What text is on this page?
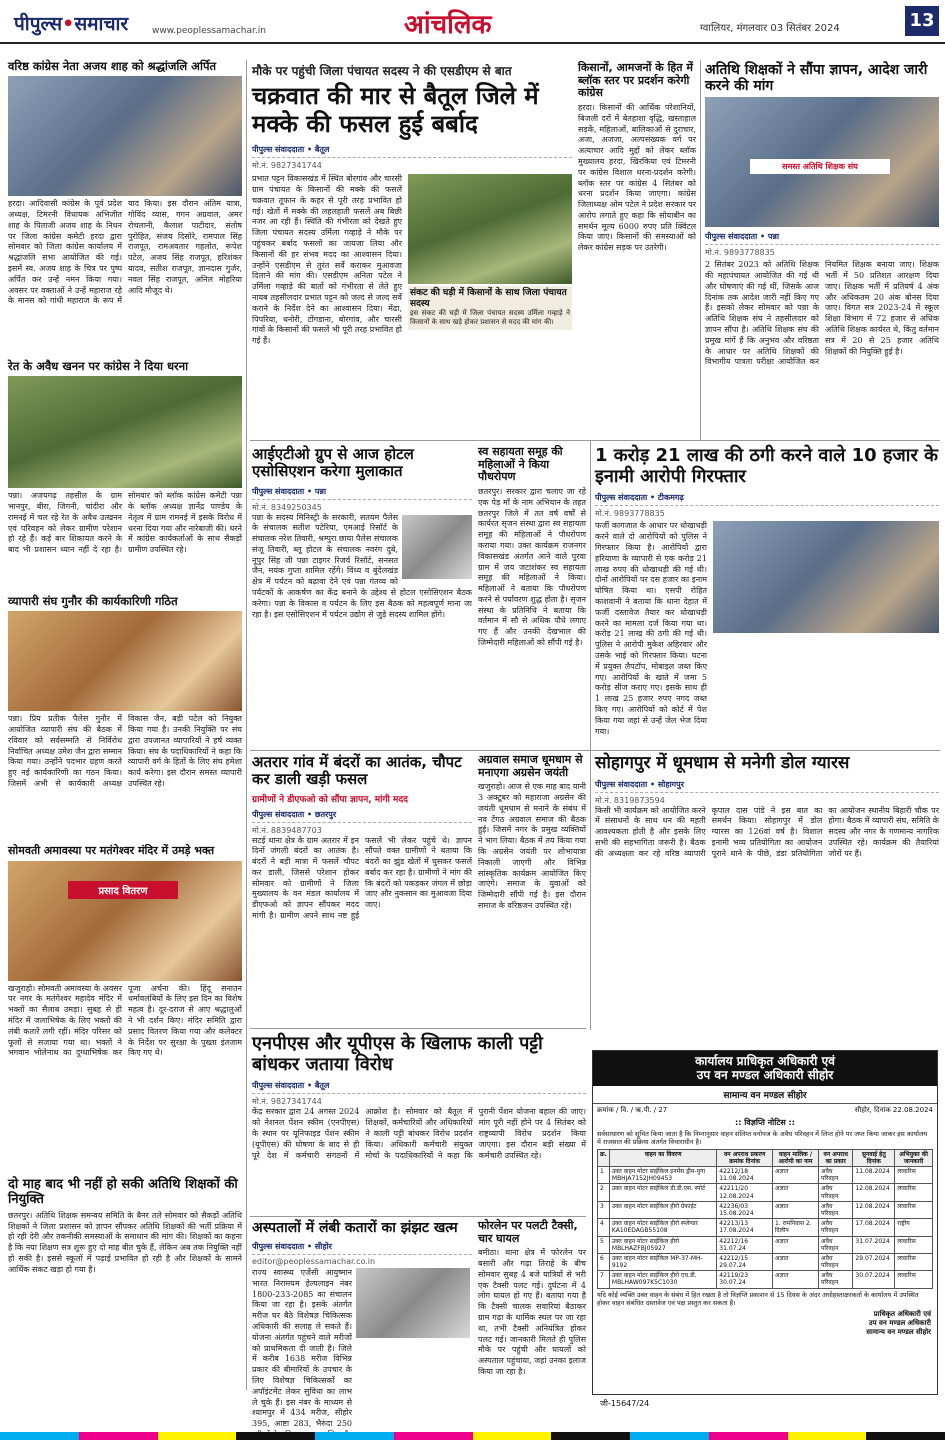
पीपुल्स•समाचार	www.peoplessamachar.in	आंचलिक	ग्वालियर, मंगलवार 03 सितंबर 2024	13
वरिष्ठ कांग्रेस नेता अजय शाह को श्रद्धांजलि अर्पित
हरदा। आदिवासी कांग्रेस के पूर्व प्रदेश अध्यक्ष, टिमरनी विधायक अभिजीत शाह के पिताजी अजय शाह के निधन पर जिला कांग्रेस कमेटी हरदा द्वारा सोमवार को जिला कांग्रेस कार्यालय में श्रद्धांजलि सभा आयोजित की गई। इसमें स्व. अजय शाह के चित्र पर पुष्प अर्पित कर उन्हें नमन किया गया। अवसर पर वक्ताओं ने उन्हें महाराज रहे के मानस को गांधी महाराज के रूप में याद किया। इस दौरान अंतिम यात्रा, गोविंद व्यास, गगन अग्रवाल, अमर रोचलानी, कैलाश पाटीदार, संतोष पुरोहित, संजय दिसोरे, रामपाल सिंह राजपूत, रामअवतार गहलोत, रूपेश पटेल, अजय सिंह राजपूत, हरिशंकर यादव, सतीश राजपूत, ज्ञानदास गुर्जर, नवल सिंह राजपूत, अनिल मोहरिया आदि मौजूद थे।
रेत के अवैध खनन पर कांग्रेस ने दिया धरना
पन्ना। अजयगढ़ तहसील के ग्राम भानपुर, बीरा, जिगनी, चांदीरा और रामनई में चल रहे रेत के अवैध उत्खनन एवं परिवहन को लेकर ग्रामीण परेशान हो रहे हैं। कई बार शिकायत करने के बाद भी प्रशासन ध्यान नहीं दे रहा है। सोमवार को ब्लॉक कांग्रेस कमेटी पन्ना के ब्लॉक अध्यक्ष ज्ञानेंद्र पाण्डेय के नेतृत्व में ग्राम रामनई में इसके विरोध में धरना दिया गया और नारेबाजी की। धरने में कांग्रेस कार्यकर्ताओं के साथ सैकड़ों ग्रामीण उपस्थित रहे।
व्यापारी संघ गुनौर की कार्यकारिणी गठित
पन्ना। प्रिय प्रतीक पैलेस गुनौर में आयोजित व्यापारी संघ की बैठक में रविवार को सर्वसम्मति से निर्विरोध निर्वाचित अध्यक्ष उमेश जैन द्वारा सम्मान किया गया। उन्होंने पदभार ग्रहण करते हुए नई कार्यकारिणी का गठन किया। जिसमें अभी से कार्यकारी अध्यक्ष विकास जैन, बड़ी पटेल को नियुक्त किया गया है। उनकी नियुक्ति पर संघ द्वारा उपजानत व्यापारियों ने हर्ष व्यक्त किया। संघ के पदाधिकारियों ने कहा कि व्यापारी वर्ग के हितों के लिए संघ हमेशा कार्य करेगा। इस दौरान समस्त व्यापारी उपस्थित रहे।
सोमवती अमावस्या पर मतंगेश्वर मंदिर में उमड़े भक्त
प्रसाद वितरण
खजुराहो। सोमवती अमावस्या के अवसर पर नगर के मतंगेश्वर महादेव मंदिर में भक्तों का सैलाब उमड़ा। सुबह से ही मंदिर में जलाभिषेक के लिए भक्तों की लंबी कतारें लगी रहीं। मंदिर परिसर को फूलों से सजाया गया था। भक्तों ने भगवान भोलेनाथ का दुग्धाभिषेक कर पूजा अर्चना की। हिंदू सनातन धर्मावलंबियों के लिए इस दिन का विशेष महत्व है। दूर-दराज से आए श्रद्धालुओं ने भी दर्शन किए। मंदिर समिति द्वारा प्रसाद वितरण किया गया और कलेक्टर के निर्देश पर सुरक्षा के पुख्ता इंतजाम किए गए थे।
दो माह बाद भी नहीं हो सकी अतिथि शिक्षकों की नियुक्ति
छतरपुर। अतिथि शिक्षक समन्वय समिति के बैनर तले सोमवार को सैकड़ों अतिथि शिक्षकों ने जिला प्रशासन को ज्ञापन सौंपकर अतिथि शिक्षकों की भर्ती प्रक्रिया में हो रही देरी और तकनीकी समस्याओं के समाधान की मांग की। शिक्षकों का कहना है कि नया शिक्षण सत्र शुरू हुए दो माह बीत चुके हैं, लेकिन अब तक नियुक्ति नहीं हो सकी है। इससे स्कूलों में पढ़ाई प्रभावित हो रही है और शिक्षकों के सामने आर्थिक संकट खड़ा हो गया है।
मौके पर पहुंची जिला पंचायत सदस्य ने की एसडीएम से बात
चक्रवात की मार से बैतूल जिले में मक्के की फसल हुई बर्बाद
पीपुल्स संवाददाता • बैतूल
मो.नं. 9827341744
प्रभात पट्टन विकासखंड में स्थित बोरगांव और चारसी ग्राम पंचायत के किसानों की मक्के की फसलें चक्रवात तूफान के कहर से पूरी तरह प्रभावित हो गई। खेतों में मक्के की लहलहाती फसलें अब बिछी नजर आ रही हैं। स्थिति की गंभीरता को देखते हुए जिला पंचायत सदस्य उर्मिला गव्हाड़े ने मौके पर पहुंचकर बर्बाद फसलों का जायजा लिया और किसानों की हर संभव मदद का आश्वासन दिया। उन्होंने एसडीएम से तुरंत सर्वे कराकर मुआवजा दिलाने की मांग की। एसडीएम अनिता पटेल ने उर्मिला गव्हाड़े की बातों को गंभीरता से लेते हुए नायब तहसीलदार प्रभात पट्टन को जल्द से जल्द सर्वे कराने के निर्देश देने का आश्वासन दिया। मेंढा, पिपरिया, धनोरी, टोंगडाना, बोरगांव, और चारसी गांवों के किसानों की फसलें भी पूरी तरह प्रभावित हो गई हैं।
संकट की घड़ी में किसानों के साथ जिला पंचायत सदस्य
इस संकट की घड़ी में जिला पंचायत सदस्य उर्मिला गव्हाड़े ने किसानों के साथ खड़े होकर प्रशासन से मदद की मांग की।
किसानों, आमजनों के हित में ब्लॉक स्तर पर प्रदर्शन करेगी कांग्रेस
हरदा। किसानों की आर्थिक परेशानियों, बिजली दरों में बेतहाशा वृद्धि, खस्ताहाल सड़कें, महिलाओं, बालिकाओं से दुराचार, अजा, अजजा, अल्पसंख्यक वर्ग पर अत्याचार आदि मुद्दों को लेकर ब्लॉक मुख्यालय हरदा, खिरकिया एवं टिमरनी पर कांग्रेस विशाल धरना-प्रदर्शन करेगी। ब्लॉक स्तर पर कांग्रेस 4 सितंबर को धरना प्रदर्शन किया जाएगा। कांग्रेस जिलाध्यक्ष ओम पटेल ने प्रदेश सरकार पर आरोप लगाते हुए कहा कि सोयाबीन का समर्थन मूल्य 6000 रुपए प्रति क्विंटल किया जाए। किसानों की समस्याओं को लेकर कांग्रेस सड़क पर उतरेगी।
अतिथि शिक्षकों ने सौंपा ज्ञापन, आदेश जारी करने की मांग
समस्त अतिथि शिक्षक संघ
पीपुल्स संवाददाता • पन्ना
मो.नं. 9893778835
2 सितंबर 2023 को अतिथि शिक्षक की महापंचायत आयोजित की गई थी और घोषणाएं की गई थीं, जिसके आज दिनांक तक आदेश जारी नहीं किए गए हैं। इसको लेकर सोमवार को पन्ना के अतिथि शिक्षक संघ ने तहसीलदार को ज्ञापन सौंपा है। अतिथि शिक्षक संघ की प्रमुख मांगें हैं कि अनुभव और वरिष्ठता के आधार पर अतिथि शिक्षकों की विभागीय पात्रता परीक्षा आयोजित कर नियमित शिक्षक बनाया जाए। शिक्षक भर्ती में 50 प्रतिशत आरक्षण दिया जाए। शिक्षक भर्ती में प्रतियर्ष 4 अंक और अधिकतम 20 अंक बोनस दिया जाए। विगत सत्र 2023-24 में स्कूल शिक्षा विभाग में 72 हजार से अधिक अतिथि शिक्षक कार्यरत थे, किंतु वर्तमान सत्र में 20 से 25 हजार अतिथि शिक्षकों की नियुक्ति हुई है।
आईएटीओ ग्रुप से आज होटल एसोसिएशन करेगा मुलाकात
पीपुल्स संवाददाता • पन्ना
मो.नं. 8349250345
पन्ना के सदस्य मिनिस्ट्री के सरकारी, सतयम पैलेस के संचालक सतीश पटेरिया, एमआई रिसॉर्ट के संचालक नरेश तिवारी, श्रम्पुरा छाया पैलेस संचालक संजू तिवारी, ब्लू होटल के संचालक नवरंग दुबे, नूपुर सिंह जी पन्ना टाइगर रिजर्व रिसॉर्ट, सनसत जैन, मयंक गुप्ता शामिल रहेंगे। विंध्य व बुंदेलखंड क्षेत्र में पर्यटन को बढ़ावा देने एवं पन्ना गंतव्य को पर्यटकों के आकर्षण का केंद्र बनाने के उद्देश्य से होटल एसोसिएशन बैठक करेगा। पन्ना के विकास व पर्यटन के लिए इस बैठक को महत्वपूर्ण माना जा रहा है। इस एसोसिएशन में पर्यटन उद्योग से जुड़े सदस्य शामिल होंगे।
स्व सहायता समूह की महिलाओं ने किया पौधरोपण
छतरपुर। सरकार द्वारा चलाए जा रहे एक पेड़ माँ के नाम अभियान के तहत छतरपुर जिले में तत वर्ष वर्षों से कार्यरत सृजन संस्था द्वारा स्व सहायता समूह की महिलाओं ने पौधरोपण कराया गया। उक्त कार्यक्रम राजनगर विकासखंड अंतर्गत आने वाले पुरवा ग्राम में जय जटाशंकर स्व सहायता समूह की महिलाओं ने किया। महिलाओं ने बताया कि पौधरोपण करने से पर्यावरण शुद्ध होता है। सृजन संस्था के प्रतिनिधि ने बताया कि वर्तमान में सौ से अधिक पौधे लगाए गए हैं और उनकी देखभाल की जिम्मेदारी महिलाओं को सौंपी गई है।
1 करोड़ 21 लाख की ठगी करने वाले 10 हजार के इनामी आरोपी गिरफ्तार
पीपुल्स संवाददाता • टीकमगढ़
मो.नं. 9893778835
फर्जी कागजात के आधार पर धोखाधड़ी करने वाले दो आरोपियों को पुलिस ने गिरफ्तार किया है। आरोपियों द्वारा हरियाणा के व्यापारी से एक करोड़ 21 लाख रुपए की धोखाधड़ी की गई थी। दोनों आरोपियों पर दस हजार का इनाम घोषित किया था। एसपी रोहित काशवानी ने बताया कि थाना देहात में फर्जी दस्तावेज तैयार कर धोखाधड़ी करने का मामला दर्ज किया गया था। करोड़ 21 लाख की ठगी की गई थी। पुलिस ने आरोपी मुकेश अहिरवार और उसके भाई को गिरफ्तार किया। घटना में प्रयुक्त लैपटॉप, मोबाइल जब्त किए गए। आरोपियों के खाते में जमा 5 करोड़ सीज कराए गए। इसके साथ ही 1 लाख 25 हजार रुपए नगद जब्त किए गए। आरोपियों को कोर्ट में पेश किया गया जहां से उन्हें जेल भेज दिया गया।
अतरार गांव में बंदरों का आतंक, चौपट कर डाली खड़ी फसल
ग्रामीणों ने डीएफओ को सौंपा ज्ञापन, मांगी मदद
पीपुल्स संवाददाता • छतरपुर
मो.नं. 8839487703
सटई थाना क्षेत्र के ग्राम अतरार में इन दिनों जंगली बंदरों का आतंक है। बंदरों ने बड़ी मात्रा में फसलें चौपट कर डाली, जिससे परेशान होकर सोमवार को ग्रामीणों ने जिला मुख्यालय के वन मंडल कार्यालय में डीएफओ को ज्ञापन सौंपकर मदद मांगी है। ग्रामीण अपने साथ नष्ट हुई फसलें भी लेकर पहुंचे थे। ज्ञापन सौंपते वक्त ग्रामीणों ने बताया कि बंदरों का झुंड खेतों में घुसकर फसलें बर्बाद कर रहा है। ग्रामीणों ने मांग की कि बंदरों को पकड़कर जंगल में छोड़ा जाए और नुकसान का मुआवजा दिया जाए।
अग्रवाल समाज धूमधाम से मनाएगा अग्रसेन जयंती
खजुराहो। आज से एक माह बाद यानी 3 अक्टूबर को महाराजा अग्रसेन की जयंती धूमधाम से मनाने के संबंध में नव टेंगठ अग्रवाल समाज की बैठक हुई। जिसमें नगर के प्रमुख व्यक्तियों ने भाग लिया। बैठक में तय किया गया कि अग्रसेन जयंती पर शोभायात्रा निकाली जाएगी और विभिन्न सांस्कृतिक कार्यक्रम आयोजित किए जाएंगे। समाज के युवाओं को जिम्मेदारी सौंपी गई है। इस दौरान समाज के वरिष्ठजन उपस्थित रहे।
सोहागपुर में धूमधाम से मनेगी डोल ग्यारस
पीपुल्स संवाददाता • सोहागपुर
मो.नं. 8319873594
किसी भी कार्यक्रम को आयोजित करने में संसाधनों के साथ धन की महती आवश्यकता होती है और इसके लिए सभी की सहभागिता जरूरी है। बैठक की अध्यक्षता कर रहे वरिष्ठ व्यापारी कृपाल दास पांडे ने इस बात का समर्थन किया। सोहागपुर में डोल ग्यारस का 126वां वर्ष है। विशाल इनामी भव्य प्रतियोगिता का आयोजन पूराने थाने के पीछे, डंडा प्रतियोगिता का आयोजन स्थानीय बिहारी चौक पर होगा। बैठक में व्यापारी संघ, समिति के सदस्य और नगर के गणमान्य नागरिक उपस्थित रहे। कार्यक्रम की तैयारियां जोरों पर हैं।
एनपीएस और यूपीएस के खिलाफ काली पट्टी बांधकर जताया विरोध
पीपुल्स संवाददाता • बैतूल
मो.नं. 9827341744
केंद्र सरकार द्वारा 24 अगस्त 2024 को नेशनल पेंशन स्कीम (एनपीएस) के स्थान पर यूनिफाइड पेंशन स्कीम (यूपीएस) की घोषणा के बाद से ही पूरे देश में कर्मचारी संगठनों में आक्रोश है। सोमवार को बैतूल में शिक्षकों, कर्मचारियों और अधिकारियों ने काली पट्टी बांधकर विरोध प्रदर्शन किया। अधिकारी कर्मचारी संयुक्त मोर्चा के पदाधिकारियों ने कहा कि पुरानी पेंशन योजना बहाल की जाए। मांग पूरी नहीं होने पर 4 सितंबर को राष्ट्रव्यापी विरोध प्रदर्शन किया जाएगा। इस दौरान बड़ी संख्या में कर्मचारी उपस्थित रहे।
अस्पतालों में लंबी कतारों का झंझट खत्म
पीपुल्स संवाददाता • सीहोर
editor@peoplessamachar.co.in
राज्य स्वास्थ्य एजेंसी आयुष्मान भारत निरामयम हेल्पलाइन नंबर 1800-233-2085 का संचालन किया जा रहा है। इसके अंतर्गत मरीज घर बैठे विशेषज्ञ चिकित्सक अधिकारी की सलाह ले सकते हैं। योजना अंतर्गत पहुंचने वाले मरीजों को प्राथमिकता दी जाती है। जिले में करीब 1638 मरीज विभिन्न प्रकार की बीमारियों के उपचार के लिए विशेषज्ञ चिकित्सकों का अपॉइंटमेंट लेकर सुविधा का लाभ ले चुके हैं। इस नंबर के माध्यम से श्यामपुर में 434 मरीज, सीहोर 395, आष्टा 283, भैरुंदा 250
फोरलेन पर पलटी टैक्सी, चार घायल
बमीठा। थाना क्षेत्र में फोरलेन पर बसारी और गढ़ा तिराहे के बीच सोमवार सुबह 4 बजे यात्रियों से भरी एक टैक्सी पलट गई। दुर्घटना में 4 लोग घायल हो गए हैं। बताया गया है कि टैक्सी चालक सवारियां बैठाकर ग्राम गढ़ा के धार्मिक स्थल पर जा रहा था, तभी टैक्सी अनियंत्रित होकर पलट गई। जानकारी मिलते ही पुलिस मौके पर पहुंची और घायलों को अस्पताल पहुंचाया, जहां उनका इलाज किया जा रहा है।
कार्यालय प्राधिकृत अधिकारी एवं
उप वन मण्डल अधिकारी सीहोर
सामान्य वन मण्डल सीहोर
क्रमांक / वि. / ऋ.पी. / 27	सीहोर, दिनांक 22.08.2024
:: विज्ञप्ति नोटिस ::
सर्वसाधारण को सूचित किया जाता है कि निम्नानुसार वाहन संलिप्त वनोपज के अवैध परिवहन में लिप्त होने पर जप्त किया जाकर इस कार्यालय में राजसात की प्रक्रिया अंतर्गत विचाराधीन है।
क्र.	वाहन का विवरण	वन अपराध प्रकरण क्रमांक दिनांक	वाहन मालिक / आरोपी का नाम	वन अपराध का प्रकार	सुनवाई हेतु दिनांक	अभियुक्त की जानकारी
1	उक्त वाहन मोटर साईकिल इनमेंस ड्रीम-युगा MBHJA7152JH09453	42212/18 11.08.2024	अज्ञात	अवैध परिवहन	11.08.2024	लावारिस
2	उक्त वाहन मोटर साईकिल डी.डी.एस. स्पोर्ट	42211/20 12.08.2024	अज्ञात	अवैध परिवहन	12.08.2024	लावारिस
3	उक्त वाहन मोटर साईकिल हीरो ग्रेफाईट	42236/03 15.08.2024	अज्ञात	अवैध परिवहन	12.08.2024	लावारिस
4	उक्त वाहन मोटर साईकिल हीरो स्प्लेण्डर KA10EDAGB55108	42213/13 17.08.2024	1. रामनिवास 2. दिलीप	अवैध परिवहन	17.08.2024	राष्ट्रीय
5	उक्त वाहन मोटर साईकिल हीरो MBLHAZFBJ05927	42212/16 31.07.24	अज्ञात	अवैध परिवहन	31.07.2024	लावारिस
6	उक्त वाहन मोटर साईकिल MP-37-MH-9192	42212/15 29.07.24	अज्ञात	अवैध परिवहन	29.07.2024	लावारिस
7	उक्त वाहन मोटर साईकिल हीरो एच.डी. MBLHAW097K5C1030	42119/23 30.07.24	अज्ञात	अवैध परिवहन	30.07.2024	लावारिस
यदि कोई व्यक्ति उक्त वाहन के संबंध में हित रखता है तो विज्ञप्ति प्रकाशन से 15 दिवस के अंदर अधोहस्ताक्षरकर्ता के कार्यालय में उपस्थित होकर वाहन संबंधित दस्तावेज एवं पक्ष प्रस्तुत कर सकता है।
प्राधिकृत अधिकारी एवं
उप वन मण्डल अधिकारी
सामान्य वन मण्डल सीहोर
जी-15647/24
